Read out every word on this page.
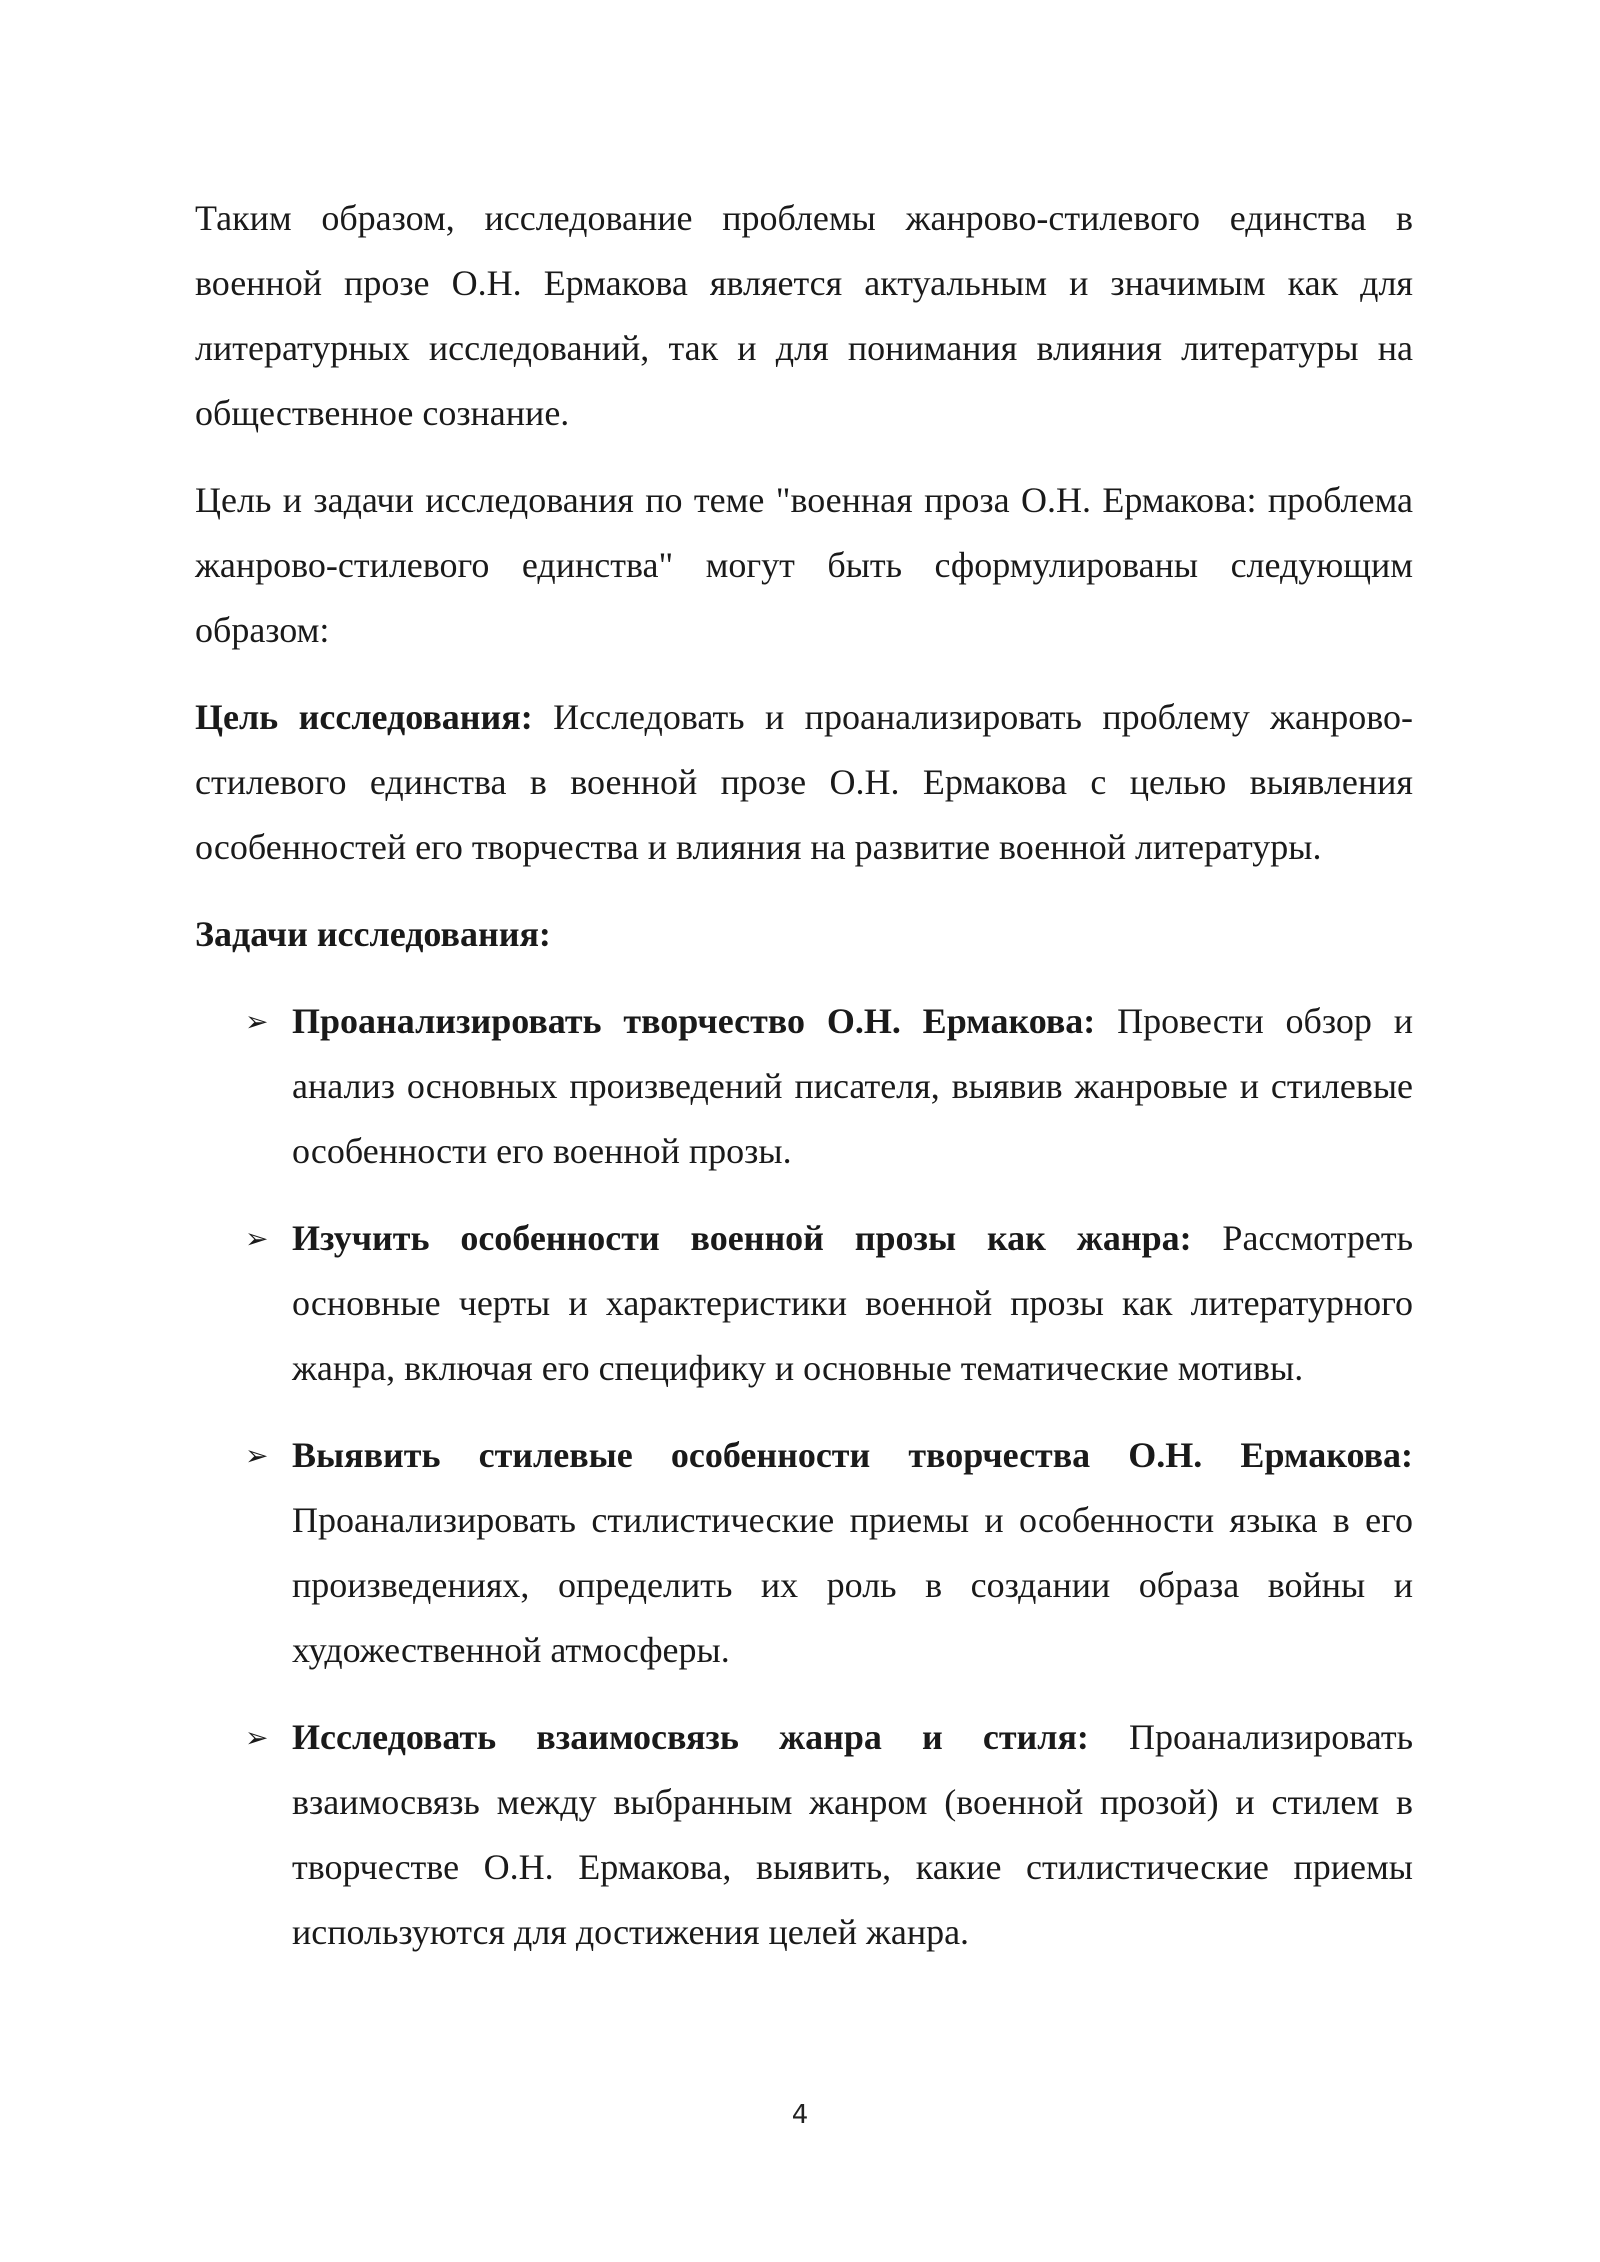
Таким образом, исследование проблемы жанрово-стилевого единства в военной прозе О.Н. Ермакова является актуальным и значимым как для литературных исследований, так и для понимания влияния литературы на общественное сознание.

Цель и задачи исследования по теме "военная проза О.Н. Ермакова: проблема жанрово-стилевого единства" могут быть сформулированы следующим образом:

Цель исследования: Исследовать и проанализировать проблему жанрово-стилевого единства в военной прозе О.Н. Ермакова с целью выявления особенностей его творчества и влияния на развитие военной литературы.

Задачи исследования:

➢ Проанализировать творчество О.Н. Ермакова: Провести обзор и анализ основных произведений писателя, выявив жанровые и стилевые особенности его военной прозы.
➢ Изучить особенности военной прозы как жанра: Рассмотреть основные черты и характеристики военной прозы как литературного жанра, включая его специфику и основные тематические мотивы.
➢ Выявить стилевые особенности творчества О.Н. Ермакова: Проанализировать стилистические приемы и особенности языка в его произведениях, определить их роль в создании образа войны и художественной атмосферы.
➢ Исследовать взаимосвязь жанра и стиля: Проанализировать взаимосвязь между выбранным жанром (военной прозой) и стилем в творчестве О.Н. Ермакова, выявить, какие стилистические приемы используются для достижения целей жанра.
4
